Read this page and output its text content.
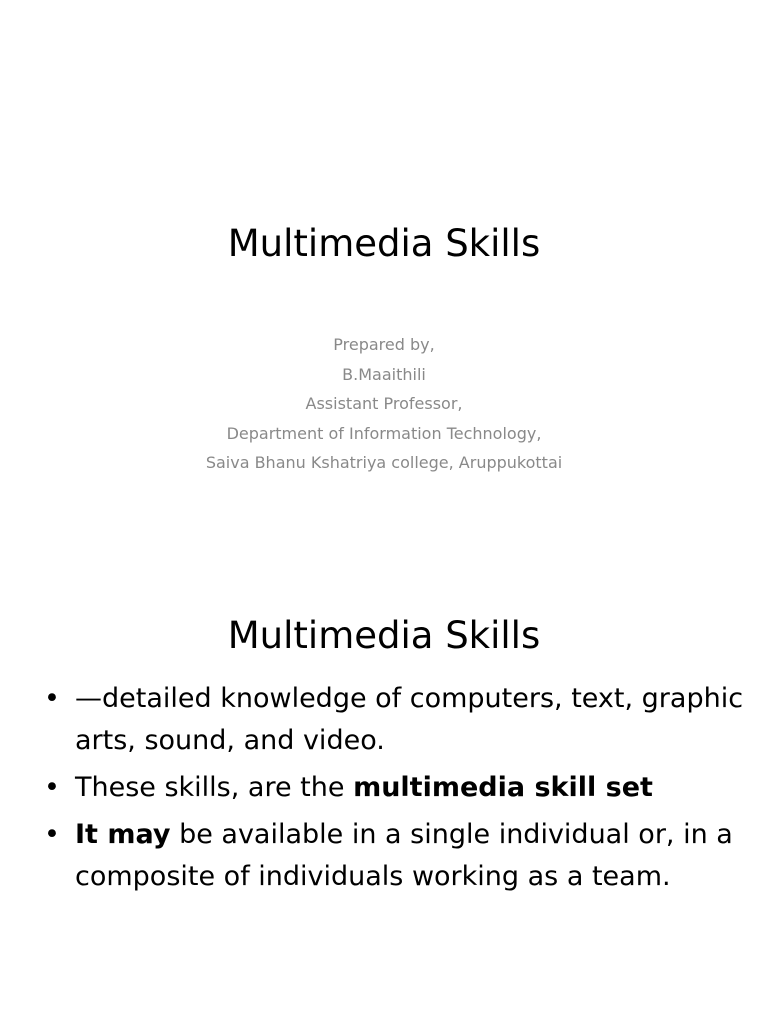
Multimedia Skills
Prepared by,
B.Maaithili
Assistant Professor,
Department of Information Technology,
Saiva Bhanu Kshatriya college, Aruppukottai
Multimedia Skills
• —detailed knowledge of computers, text, graphic arts, sound, and video.
• These skills, are the multimedia skill set
• It may be available in a single individual or, in a composite of individuals working as a team.
